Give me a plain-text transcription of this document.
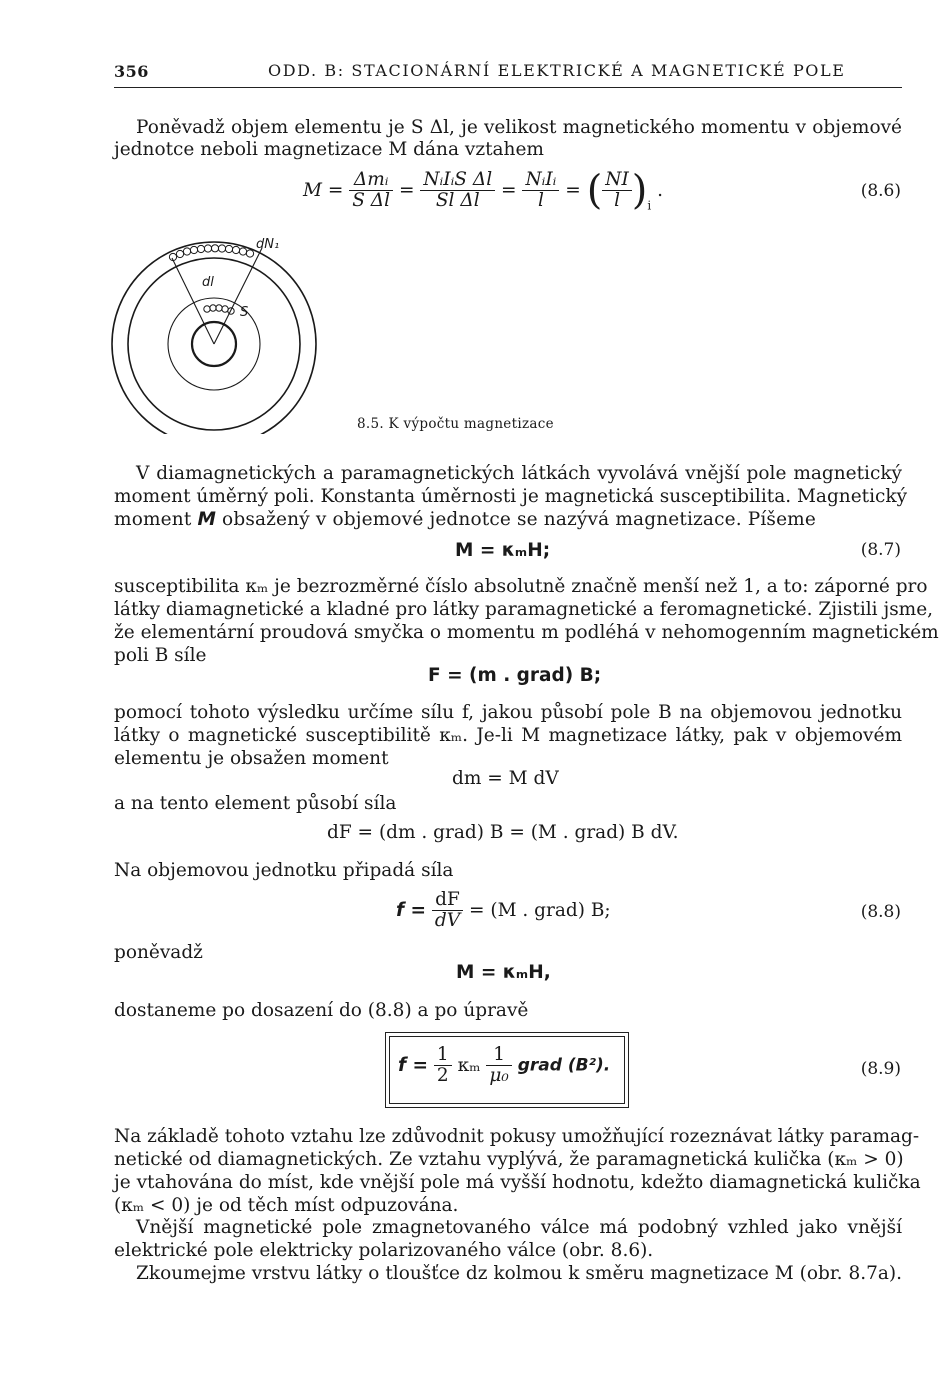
356	ODD. B: STACIONÁRNÍ ELEKTRICKÉ A MAGNETICKÉ POLE
Poněvadž objem elementu je S Δl, je velikost magnetického momentu v objemové
jednotce neboli magnetizace M dána vztahem
$M = \frac{\text{Δmᵢ}}{\text{S Δl}} = \frac{\text{NᵢIᵢS Δl}}{\text{Sl Δl}} = \frac{\text{NᵢIᵢ}}{l}$ = ( $\frac{NI}{l} )_i$ .	(8.6)
dN₁
dl
S
8.5. K výpočtu magnetizace
V diamagnetických a paramagnetických látkách vyvolává vnější pole magnetický
moment úměrný poli. Konstanta úměrnosti je magnetická susceptibilita. Magnetický
moment M obsažený v objemové jednotce se nazývá magnetizace. Píšeme
M = κₘH;	(8.7)
susceptibilita κₘ je bezrozměrné číslo absolutně značně menší než 1, a to: záporné pro
látky diamagnetické a kladné pro látky paramagnetické a feromagnetické. Zjistili jsme,
že elementární proudová smyčka o momentu m podléhá v nehomogenním magnetickém
poli B síle
F = (m . grad) B;
pomocí tohoto výsledku určíme sílu f, jakou působí pole B na objemovou jednotku
látky o magnetické susceptibilitě κₘ. Je-li M magnetizace látky, pak v objemovém
elementu je obsažen moment
dm = M dV
a na tento element působí síla
dF = (dm . grad) B = (M . grad) B dV.
Na objemovou jednotku připadá síla
$f = \frac{dF}{dV} = (M$ . grad) B;	(8.8)
poněvadž
M = κₘH,
dostaneme po dosazení do (8.8) a po úpravě
$f = \frac{1}{2}$ κₘ $\frac{1}{\text{μ₀}}$ grad (B²).	(8.9)
Na základě tohoto vztahu lze zdůvodnit pokusy umožňující rozeznávat látky paramag-
netické od diamagnetických. Ze vztahu vyplývá, že paramagnetická kulička (κₘ > 0)
je vtahována do míst, kde vnější pole má vyšší hodnotu, kdežto diamagnetická kulička
(κₘ < 0) je od těch míst odpuzována.
Vnější magnetické pole zmagnetovaného válce má podobný vzhled jako vnější
elektrické pole elektricky polarizovaného válce (obr. 8.6).
Zkoumejme vrstvu látky o tloušťce dz kolmou k směru magnetizace M (obr. 8.7a).
